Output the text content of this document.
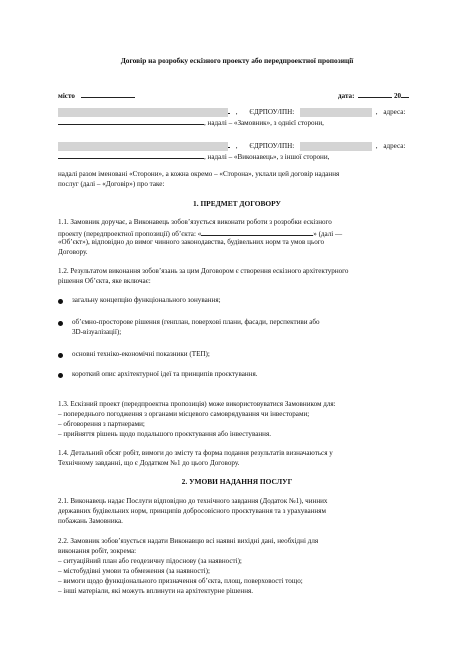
Договір на розробку ескізного проекту або передпроектної пропозиції
місто	дата:	20
, ЄДРПОУ/ІПН:	, адреса:
, надалі – «Замовник», з однієї сторони,
, ЄДРПОУ/ІПН:	, адреса:
, надалі – «Виконавець», з іншої сторони,
надалі разом іменовані «Сторони», а кожна окремо – «Сторона», уклали цей договір надання
послуг (далі – «Договір») про таке:
1. ПРЕДМЕТ ДОГОВОРУ
1.1. Замовник доручає, а Виконавець зобов’язується виконати роботи з розробки ескізного
проекту (передпроектної пропозиції) об’єкта: «	» (далі —
«Об’єкт»), відповідно до вимог чинного законодавства, будівельних норм та умов цього
Договору.
1.2. Результатом виконання зобов’язань за цим Договором є створення ескізного архітектурного
рішення Об’єкта, яке включає:
загальну концепцію функціонального зонування;
об’ємно-просторове рішення (генплан, поверхові плани, фасади, перспективи або
3D-візуалізації);
основні техніко-економічні показники (ТЕП);
короткий опис архітектурної ідеї та принципів проєктування.
1.3. Ескізний проект (передпроектна пропозиція) може використовуватися Замовником для:
– попереднього погодження з органами місцевого самоврядування чи інвесторами;
– обговорення з партнерами;
– прийняття рішень щодо подальшого проєктування або інвестування.
1.4. Детальний обсяг робіт, вимоги до змісту та форма подання результатів визначаються у
Технічному завданні, що є Додатком №1 до цього Договору.
2. УМОВИ НАДАННЯ ПОСЛУГ
2.1. Виконавець надає Послуги відповідно до технічного завдання (Додаток №1), чинних
державних будівельних норм, принципів добросовісного проєктування та з урахуванням
побажань Замовника.
2.2. Замовник зобов’язується надати Виконавцю всі наявні вихідні дані, необхідні для
виконання робіт, зокрема:
– ситуаційний план або геодезичну підоснову (за наявності);
– містобудівні умови та обмеження (за наявності);
– вимоги щодо функціонального призначення об’єкта, площ, поверховості тощо;
– інші матеріали, які можуть вплинути на архітектурне рішення.
